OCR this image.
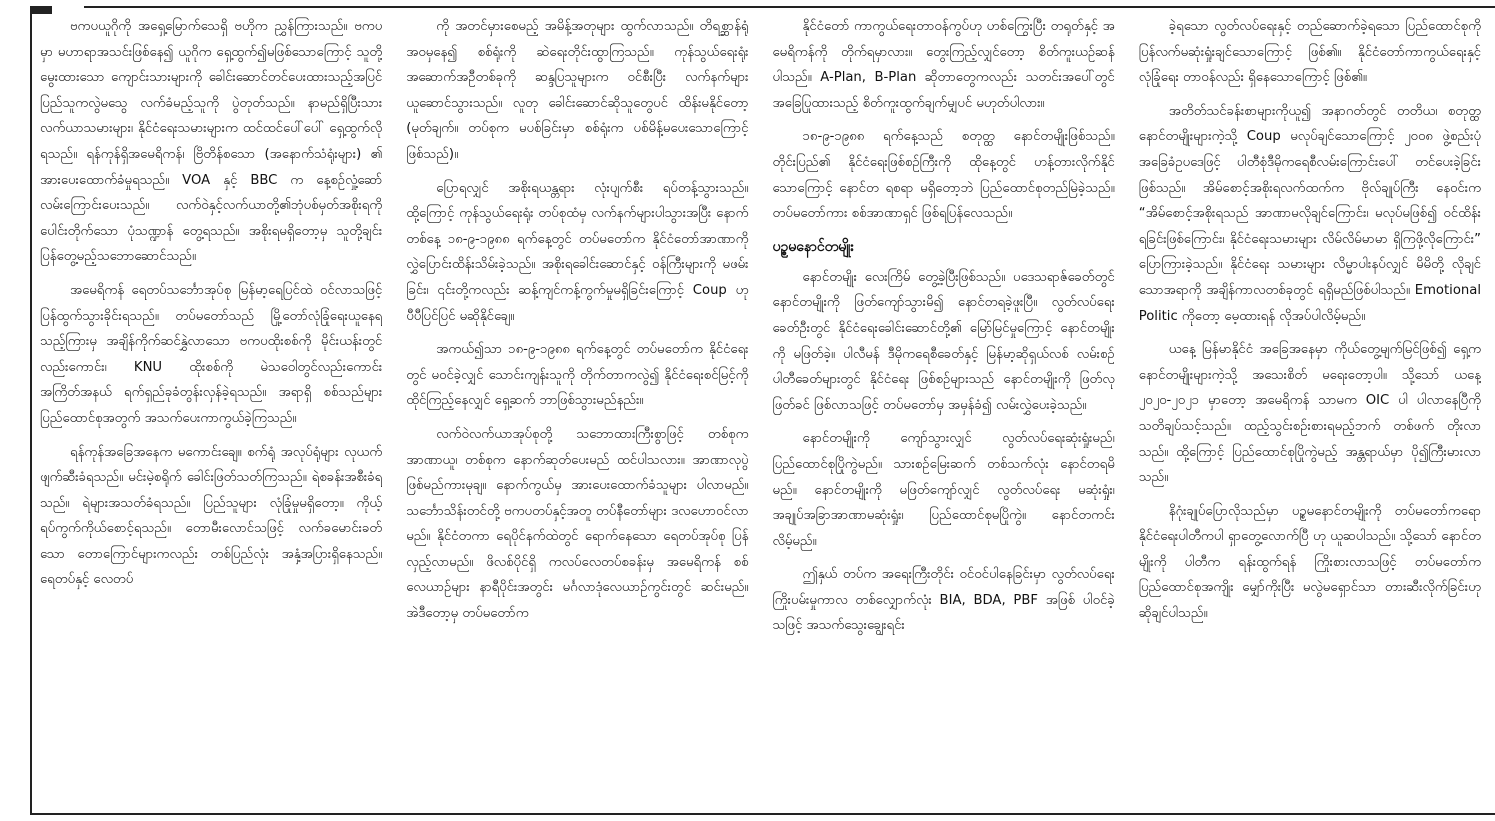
ဗကပယူဂိုကို အရှေ့မြောက်သေရှိ ဗဟိုက ညွှန်ကြားသည်။ ဗကပမှာ မဟာရာအသင်းဖြစ်နေ၍ ယူဂိုက ရှေ့ထွက်၍မဖြစ်သောကြောင့် သူတို့မွေးထားသော ကျောင်းသားများကို ခေါင်းဆောင်တင်ပေးထားသည့်အပြင် ပြည်သူကလွဲမသွေ လက်ခံမည့်သူကို ပွဲတုတ်သည်။ နာမည်ရှိပြီးသား လက်ယာသမားများ၊ နိုင်ငံရေးသမားများက ထင်ထင်ပေါ်ပေါ် ရှေ့ထွက်လိုရသည်။ ရန်ကုန်ရှိအမေရိကန်၊ ဗြိတိန်စသော (အနောက်သံရုံးများ) ၏ အားပေးထောက်ခံမှုရသည်။ VOA နှင့် BBC က နေ့စဉ်လှုံ့ဆော်လမ်းကြောင်းပေးသည်။ လက်ဝဲနှင့်လက်ယာတို့၏ဘုံပစ်မှတ်အစိုးရကို ပေါင်းတိုက်သော ပုံသဏ္ဍာန် တွေ့ရသည်။ အစိုးရမရှိတော့မှ သူတို့ချင်း ပြန်တွေ့မည့်သဘောဆောင်သည်။

အမေရိကန် ရေတပ်သင်္ဘောအုပ်စု မြန်မာ့ရေပြင်ထဲ ဝင်လာသဖြင့် ပြန်ထွက်သွားခိုင်းရသည်။ တပ်မတော်သည် မြို့တော်လုံခြုံရေးယူနေရသည့်ကြားမှ အချိန်ကိုက်ဆင်နွှဲလာသော ဗကပထိုးစစ်ကို မိုင်းယန်းတွင် လည်းကောင်း၊ KNU ထိုးစစ်ကို မဲသဝေါတွင်လည်းကောင်း အကြိတ်အနယ် ရက်ရှည်ခုခံတွန်းလှန်ခဲ့ရသည်။ အရာရှိ စစ်သည်များ ပြည်ထောင်စုအတွက် အသက်ပေးကာကွယ်ခဲ့ကြသည်။

ရန်ကုန်အခြေအနေက မကောင်းချေ။ စက်ရုံ အလုပ်ရုံများ လုယက်ဖျက်ဆီးခံရသည်။ မင်းမဲ့စရိုက် ခေါင်းဖြတ်သတ်ကြသည်။ ရဲစခန်းအစီးခံရသည်။ ရဲများအသတ်ခံရသည်။ ပြည်သူများ လုံခြုံမှုမရှိတော့။ ကိုယ့်ရပ်ကွက်ကိုယ်စောင့်ရသည်။ တောမီးလောင်သဖြင့် လက်ခမောင်းခတ်သော တောကြောင်များကလည်း တစ်ပြည်လုံး အနှံ့အပြားရှိနေသည်။ ရေတပ်နှင့် လေတပ်

ကို အတင်မှားစေမည့် အမိန့်အတုများ ထွက်လာသည်။ တိရစ္ဆာန်ရုံ အဝမှနေ၍ စစ်ရုံးကို ဆဲရေးတိုင်းထွာကြသည်။ ကုန်သွယ်ရေးရုံး အဆောက်အဦတစ်ခုကို ဆန္ဒပြသူများက ဝင်စီးပြီး လက်နက်များ ယူဆောင်သွားသည်။ လူတု ခေါင်းဆောင်ဆိုသူတွေပင် ထိန်းမနိုင်တော့ (မုတ်ချက်။ တပ်စုက မပစ်ခြင်းမှာ စစ်ရုံးက ပစ်မိန့်မပေးသောကြောင့်ဖြစ်သည်)။

ပြောရလျှင် အစိုးရယန္တရား လုံးပျက်စီး ရပ်တန့်သွားသည်။ ထို့ကြောင့် ကုန်သွယ်ရေးရုံး တပ်စုထံမှ လက်နက်များပါသွားအပြီး နောက်တစ်နေ့ ၁၈-၉-၁၉၈၈ ရက်နေ့တွင် တပ်မတော်က နိုင်ငံတော်အာဏာကို လွှဲပြောင်းထိန်းသိမ်းခဲ့သည်။ အစိုးရခေါင်းဆောင်နှင့် ဝန်ကြီးများကို မဖမ်းခြင်း၊ ၎င်းတို့ကလည်း ဆန့်ကျင်ကန့်ကွက်မှုမရှိခြင်းကြောင့် Coup ဟု ပီပီပြင်ပြင် မဆိုနိုင်ချေ။

အကယ်၍သာ ၁၈-၉-၁၉၈၈ ရက်နေ့တွင် တပ်မတော်က နိုင်ငံရေးတွင် မဝင်ခဲ့လျှင် သောင်းကျန်းသူကို တိုက်တာကလွဲ၍ နိုင်ငံရေးစင်မြင့်ကို ထိုင်ကြည့်နေလျှင် ရှေ့ဆက် ဘာဖြစ်သွားမည်နည်း။

လက်ဝဲလက်ယာအုပ်စုတို့ သဘောထားကြီးစွာဖြင့် တစ်စုက အာဏာယူ၊ တစ်စုက နောက်ဆုတ်ပေးမည် ထင်ပါသလား။ အာဏာလုပွဲဖြစ်မည်ကားမုချ။ နောက်ကွယ်မှ အားပေးထောက်ခံသူများ ပါလာမည်။ သင်္ဘောသိန်းတင်တို့ ဗကပတပ်နှင့်အတူ တပ်နီတော်များ ဒလဟောဝင်လာမည်။ နိုင်ငံတကာ ရေပိုင်နက်ထဲတွင် ရောက်နေသော ရေတပ်အုပ်စု ပြန်လှည့်လာမည်။ ဖိလစ်ပိုင်ရှိ ကလပ်လေတပ်စခန်းမှ အမေရိကန် စစ်လေယာဉ်များ နာရီပိုင်းအတွင်း မင်္ဂလာဒုံလေယာဉ်ကွင်းတွင် ဆင်းမည်။ အဲဒီတော့မှ တပ်မတော်က

နိုင်ငံတော် ကာကွယ်ရေးတာဝန်ကွပ်ဟု ဟစ်ကြွေးပြီး တရုတ်နှင့် အမေရိကန်ကို တိုက်ရမှာလား။ တွေးကြည့်လျှင်တော့ စိတ်ကူးယဉ်ဆန်ပါသည်။ A-Plan, B-Plan ဆိုတာတွေကလည်း သတင်းအပေါ်တွင် အခြေပြုထားသည့် စိတ်ကူးထွက်ချက်မျှပင် မဟုတ်ပါလား။

၁၈-၉-၁၉၈၈ ရက်နေ့သည် စတုတ္ထ နောင်တမျိုးဖြစ်သည်။ တိုင်းပြည်၏ နိုင်ငံရေးဖြစ်စဉ်ကြီးကို ထိုနေ့တွင် ဟန့်တားလိုက်နိုင်သောကြောင့် နောင်တ ရစရာ မရှိတော့ဘဲ ပြည်ထောင်စုတည်မြဲခဲ့သည်။ တပ်မတော်ကား စစ်အာဏာရှင် ဖြစ်ရပြန်လေသည်။

ပဥ္စမနောင်တမျိုး

နောင်တမျိုး လေးကြိမ် တွေ့ခဲ့ပြီးဖြစ်သည်။ ပဒေသရာဇ်ခေတ်တွင် နောင်တမျိုးကို ဖြတ်ကျော်သွားမိ၍ နောင်တရခဲ့ဖူးပြီ။ လွတ်လပ်ရေးခေတ်ဦးတွင် နိုင်ငံရေးခေါင်းဆောင်တို့၏ မြော်မြင်မှုကြောင့် နောင်တမျိုးကို မဖြတ်ခဲ့။ ပါလီမန် ဒီမိုကရေစီခေတ်နှင့် မြန်မာ့ဆိုရှယ်လစ် လမ်းစဉ်ပါတီခေတ်များတွင် နိုင်ငံရေး ဖြစ်စဉ်များသည် နောင်တမျိုးကို ဖြတ်လုဖြတ်ခင် ဖြစ်လာသဖြင့် တပ်မတော်မှ အမှန်ခံ၍ လမ်းလွှဲပေးခဲ့သည်။

နောင်တမျိုးကို ကျော်သွားလျှင် လွတ်လပ်ရေးဆုံးရှုံးမည်၊ ပြည်ထောင်စုပြိုကွဲမည်။ သားစဉ်မြေးဆက် တစ်သက်လုံး နောင်တရမိမည်။ နောင်တမျိုးကို မဖြတ်ကျော်လျှင် လွတ်လပ်ရေး မဆုံးရှုံး၊ အချုပ်အခြာအာဏာမဆုံးရှုံး၊ ပြည်ထောင်စုမပြိုကွဲ။ နောင်တကင်းလိမ့်မည်။

ဤနှယ် တပ်က အရေးကြီးတိုင်း ဝင်ဝင်ပါနေခြင်းမှာ လွတ်လပ်ရေးကြိုးပမ်းမှုကာလ တစ်လျှောက်လုံး BIA, BDA, PBF အဖြစ် ပါဝင်ခဲ့သဖြင့် အသက်သွေးချွေးရင်း

ခဲ့ရသော လွတ်လပ်ရေးနှင့် တည်ဆောက်ခဲ့ရသော ပြည်ထောင်စုကို ပြန်လက်မဆုံးရှုံးချင်သောကြောင့် ဖြစ်၏။ နိုင်ငံတော်ကာကွယ်ရေးနှင့် လုံခြုံရေး တာဝန်လည်း ရှိနေသောကြောင့် ဖြစ်၏။

အတိတ်သင်ခန်းစာများကိုယူ၍ အနာဂတ်တွင် တတိယ၊ စတုတ္ထနောင်တမျိုးများကဲ့သို့ Coup မလုပ်ချင်သောကြောင့် ၂၀၀၈ ဖွဲ့စည်းပုံအခြေခံဥပဒေဖြင့် ပါတီစုံဒီမိုကရေစီလမ်းကြောင်းပေါ် တင်ပေးခဲ့ခြင်းဖြစ်သည်။ အိမ်စောင့်အစိုးရလက်ထက်က ဗိုလ်ချုပ်ကြီး နေဝင်းက “အိမ်စောင့်အစိုးရသည် အာဏာမလိုချင်ကြောင်း၊ မလုပ်မဖြစ်၍ ဝင်ထိန်းရခြင်းဖြစ်ကြောင်း၊ နိုင်ငံရေးသမားများ လိမ်လိမ်မာမာ ရှိကြဖို့လိုကြောင်း” ပြောကြားခဲ့သည်။ နိုင်ငံရေး သမားများ လိမ္မာပါးနပ်လျှင် မိမိတို့ လိုချင်သောအရာကို အချိန်ကာလတစ်ခုတွင် ရရှိမည်ဖြစ်ပါသည်။ Emotional Politic ကိုတော့ မေ့ထားရန် လိုအပ်ပါလိမ့်မည်။

ယနေ့ မြန်မာနိုင်ငံ အခြေအနေမှာ ကိုယ်တွေ့မျက်မြင်ဖြစ်၍ ရှေ့ကနောင်တမျိုးများကဲ့သို့ အသေးစိတ် မရေးတော့ပါ။ သို့သော် ယနေ့ ၂၀၂၀-၂၀၂၁ မှာတော့ အမေရိကန် သာမက OIC ပါ ပါလာနေပြီကို သတိချပ်သင့်သည်။ ထည့်သွင်းစဉ်းစားရမည့်ဘက် တစ်ဖက် တိုးလာသည်။ ထို့ကြောင့် ပြည်ထောင်စုပြိုကွဲမည့် အန္တရာယ်မှာ ပို၍ကြီးမားလာသည်။

နိဂုံးချုပ်ပြောလိုသည်မှာ ပဥ္စမနောင်တမျိုးကို တပ်မတော်ကရော နိုင်ငံရေးပါတီကပါ ရှာတွေ့လောက်ပြီ ဟု ယူဆပါသည်။ သို့သော် နောင်တမျိုးကို ပါတီက ရန်းထွက်ရန် ကြိုးစားလာသဖြင့် တပ်မတော်က ပြည်ထောင်စုအကျိုး မျှော်ကိုးပြီး မလွဲမရှောင်သာ တားဆီးလိုက်ခြင်းဟု ဆိုချင်ပါသည်။
